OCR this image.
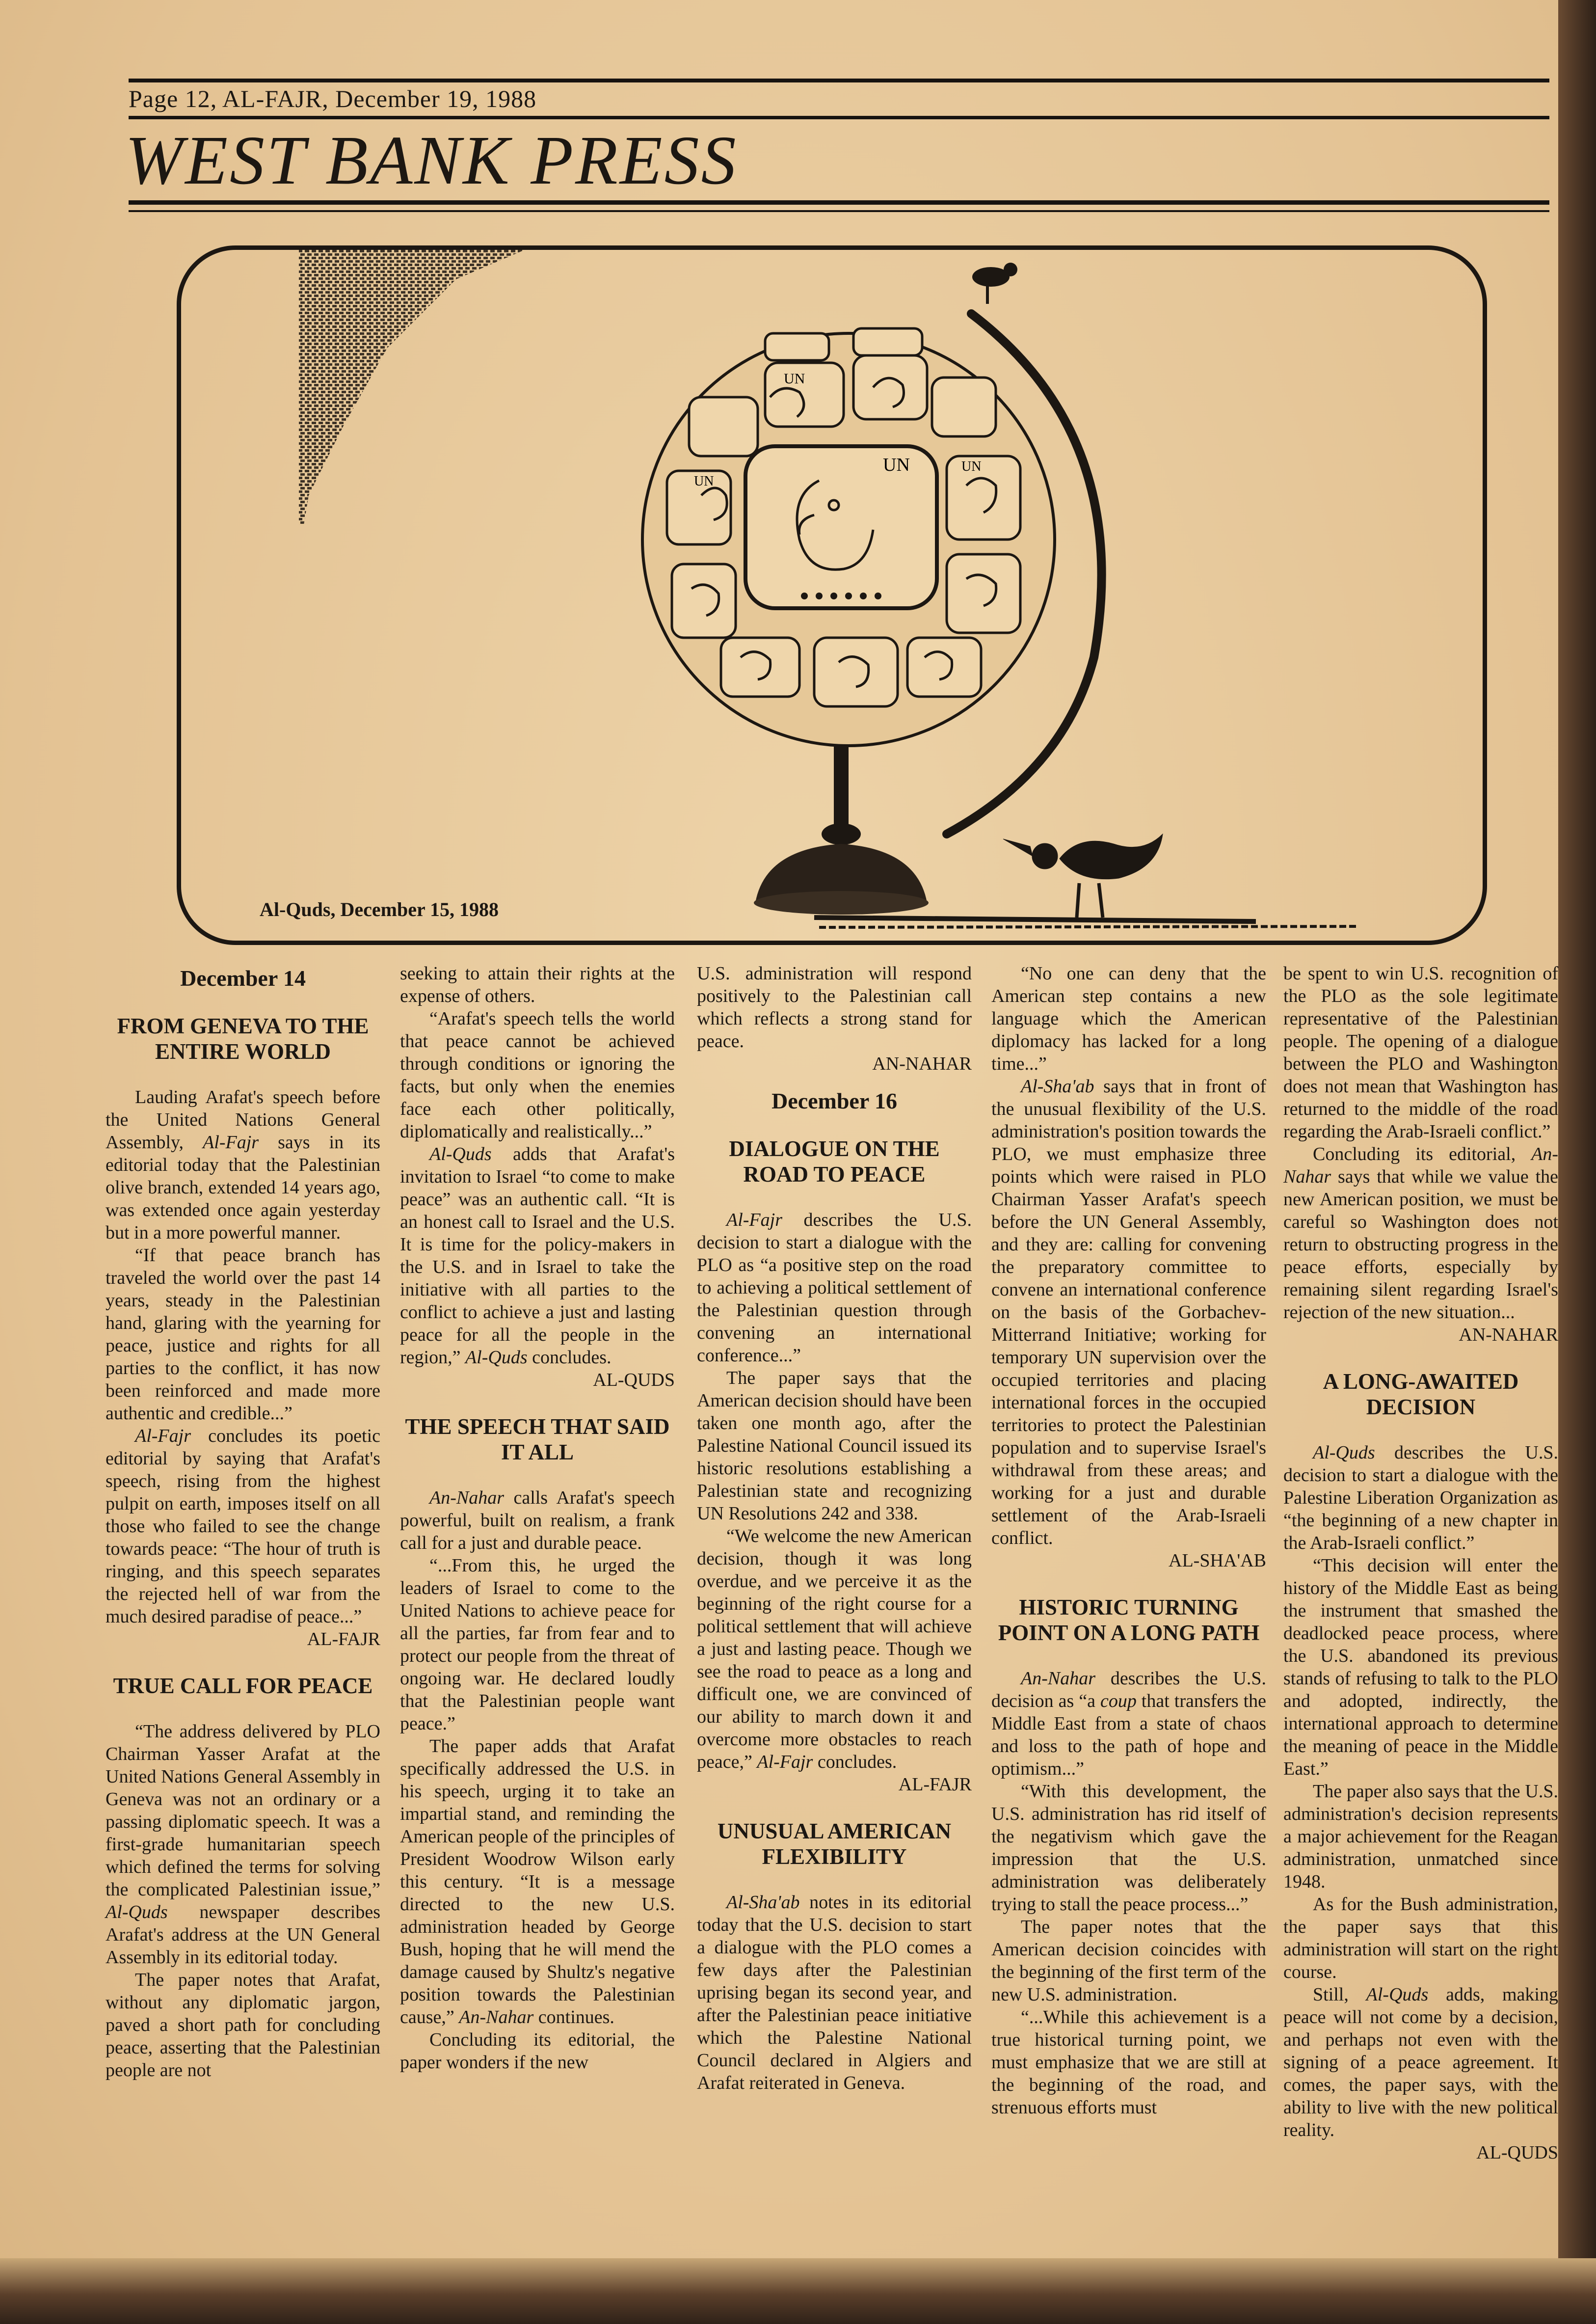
Page 12, AL-FAJR, December 19, 1988
WEST BANK PRESS
UN
UN
UN
UN
Al-Quds, December 15, 1988

December 14

FROM GENEVA TO THE ENTIRE WORLD

Lauding Arafat's speech before the United Nations General Assembly, Al-Fajr says in its editorial today that the Palestinian olive branch, extended 14 years ago, was extended once again yesterday but in a more powerful manner.

“If that peace branch has traveled the world over the past 14 years, steady in the Palestinian hand, glaring with the yearning for peace, justice and rights for all parties to the conflict, it has now been reinforced and made more authentic and credible...”

Al-Fajr concludes its poetic editorial by saying that Arafat's speech, rising from the highest pulpit on earth, imposes itself on all those who failed to see the change towards peace: “The hour of truth is ringing, and this speech separates the rejected hell of war from the much desired paradise of peace...”

AL-FAJR

TRUE CALL FOR PEACE

“The address delivered by PLO Chairman Yasser Arafat at the United Nations General Assembly in Geneva was not an ordinary or a passing diplomatic speech. It was a first-grade humanitarian speech which defined the terms for solving the complicated Palestinian issue,” Al-Quds newspaper describes Arafat's address at the UN General Assembly in its editorial today.

The paper notes that Arafat, without any diplomatic jargon, paved a short path for concluding peace, asserting that the Palestinian people are not

seeking to attain their rights at the expense of others.

“Arafat's speech tells the world that peace cannot be achieved through conditions or ignoring the facts, but only when the enemies face each other politically, diplomatically and realistically...”

Al-Quds adds that Arafat's invitation to Israel “to come to make peace” was an authentic call. “It is an honest call to Israel and the U.S. It is time for the policy-makers in the U.S. and in Israel to take the initiative with all parties to the conflict to achieve a just and lasting peace for all the people in the region,” Al-Quds concludes.

AL-QUDS

THE SPEECH THAT SAID IT ALL

An-Nahar calls Arafat's speech powerful, built on realism, a frank call for a just and durable peace.

“...From this, he urged the leaders of Israel to come to the United Nations to achieve peace for all the parties, far from fear and to protect our people from the threat of ongoing war. He declared loudly that the Palestinian people want peace.”

The paper adds that Arafat specifically addressed the U.S. in his speech, urging it to take an impartial stand, and reminding the American people of the principles of President Woodrow Wilson early this century. “It is a message directed to the new U.S. administration headed by George Bush, hoping that he will mend the damage caused by Shultz's negative position towards the Palestinian cause,” An-Nahar continues.

Concluding its editorial, the paper wonders if the new

U.S. administration will respond positively to the Palestinian call which reflects a strong stand for peace.

AN-NAHAR

December 16

DIALOGUE ON THE ROAD TO PEACE

Al-Fajr describes the U.S. decision to start a dialogue with the PLO as “a positive step on the road to achieving a political settlement of the Palestinian question through convening an international conference...”

The paper says that the American decision should have been taken one month ago, after the Palestine National Council issued its historic resolutions establishing a Palestinian state and recognizing UN Resolutions 242 and 338.

“We welcome the new American decision, though it was long overdue, and we perceive it as the beginning of the right course for a political settlement that will achieve a just and lasting peace. Though we see the road to peace as a long and difficult one, we are convinced of our ability to march down it and overcome more obstacles to reach peace,” Al-Fajr concludes.

AL-FAJR

UNUSUAL AMERICAN FLEXIBILITY

Al-Sha'ab notes in its editorial today that the U.S. decision to start a dialogue with the PLO comes a few days after the Palestinian uprising began its second year, and after the Palestinian peace initiative which the Palestine National Council declared in Algiers and Arafat reiterated in Geneva.

“No one can deny that the American step contains a new language which the American diplomacy has lacked for a long time...”

Al-Sha'ab says that in front of the unusual flexibility of the U.S. administration's position towards the PLO, we must emphasize three points which were raised in PLO Chairman Yasser Arafat's speech before the UN General Assembly, and they are: calling for convening the preparatory committee to convene an international conference on the basis of the Gorbachev-Mitterrand Initiative; working for temporary UN supervision over the occupied territories and placing international forces in the occupied territories to protect the Palestinian population and to supervise Israel's withdrawal from these areas; and working for a just and durable settlement of the Arab-Israeli conflict.

AL-SHA'AB

HISTORIC TURNING POINT ON A LONG PATH

An-Nahar describes the U.S. decision as “a coup that transfers the Middle East from a state of chaos and loss to the path of hope and optimism...”

“With this development, the U.S. administration has rid itself of the negativism which gave the impression that the U.S. administration was deliberately trying to stall the peace process...”

The paper notes that the American decision coincides with the beginning of the first term of the new U.S. administration.

“...While this achievement is a true historical turning point, we must emphasize that we are still at the beginning of the road, and strenuous efforts must

be spent to win U.S. recognition of the PLO as the sole legitimate representative of the Palestinian people. The opening of a dialogue between the PLO and Washington does not mean that Washington has returned to the middle of the road regarding the Arab-Israeli conflict.”

Concluding its editorial, An-Nahar says that while we value the new American position, we must be careful so Washington does not return to obstructing progress in the peace efforts, especially by remaining silent regarding Israel's rejection of the new situation...

AN-NAHAR

A LONG-AWAITED DECISION

Al-Quds describes the U.S. decision to start a dialogue with the Palestine Liberation Organization as “the beginning of a new chapter in the Arab-Israeli conflict.”

“This decision will enter the history of the Middle East as being the instrument that smashed the deadlocked peace process, where the U.S. abandoned its previous stands of refusing to talk to the PLO and adopted, indirectly, the international approach to determine the meaning of peace in the Middle East.”

The paper also says that the U.S. administration's decision represents a major achievement for the Reagan administration, unmatched since 1948.

As for the Bush administration, the paper says that this administration will start on the right course.

Still, Al-Quds adds, making peace will not come by a decision, and perhaps not even with the signing of a peace agreement. It comes, the paper says, with the ability to live with the new political reality.

AL-QUDS
